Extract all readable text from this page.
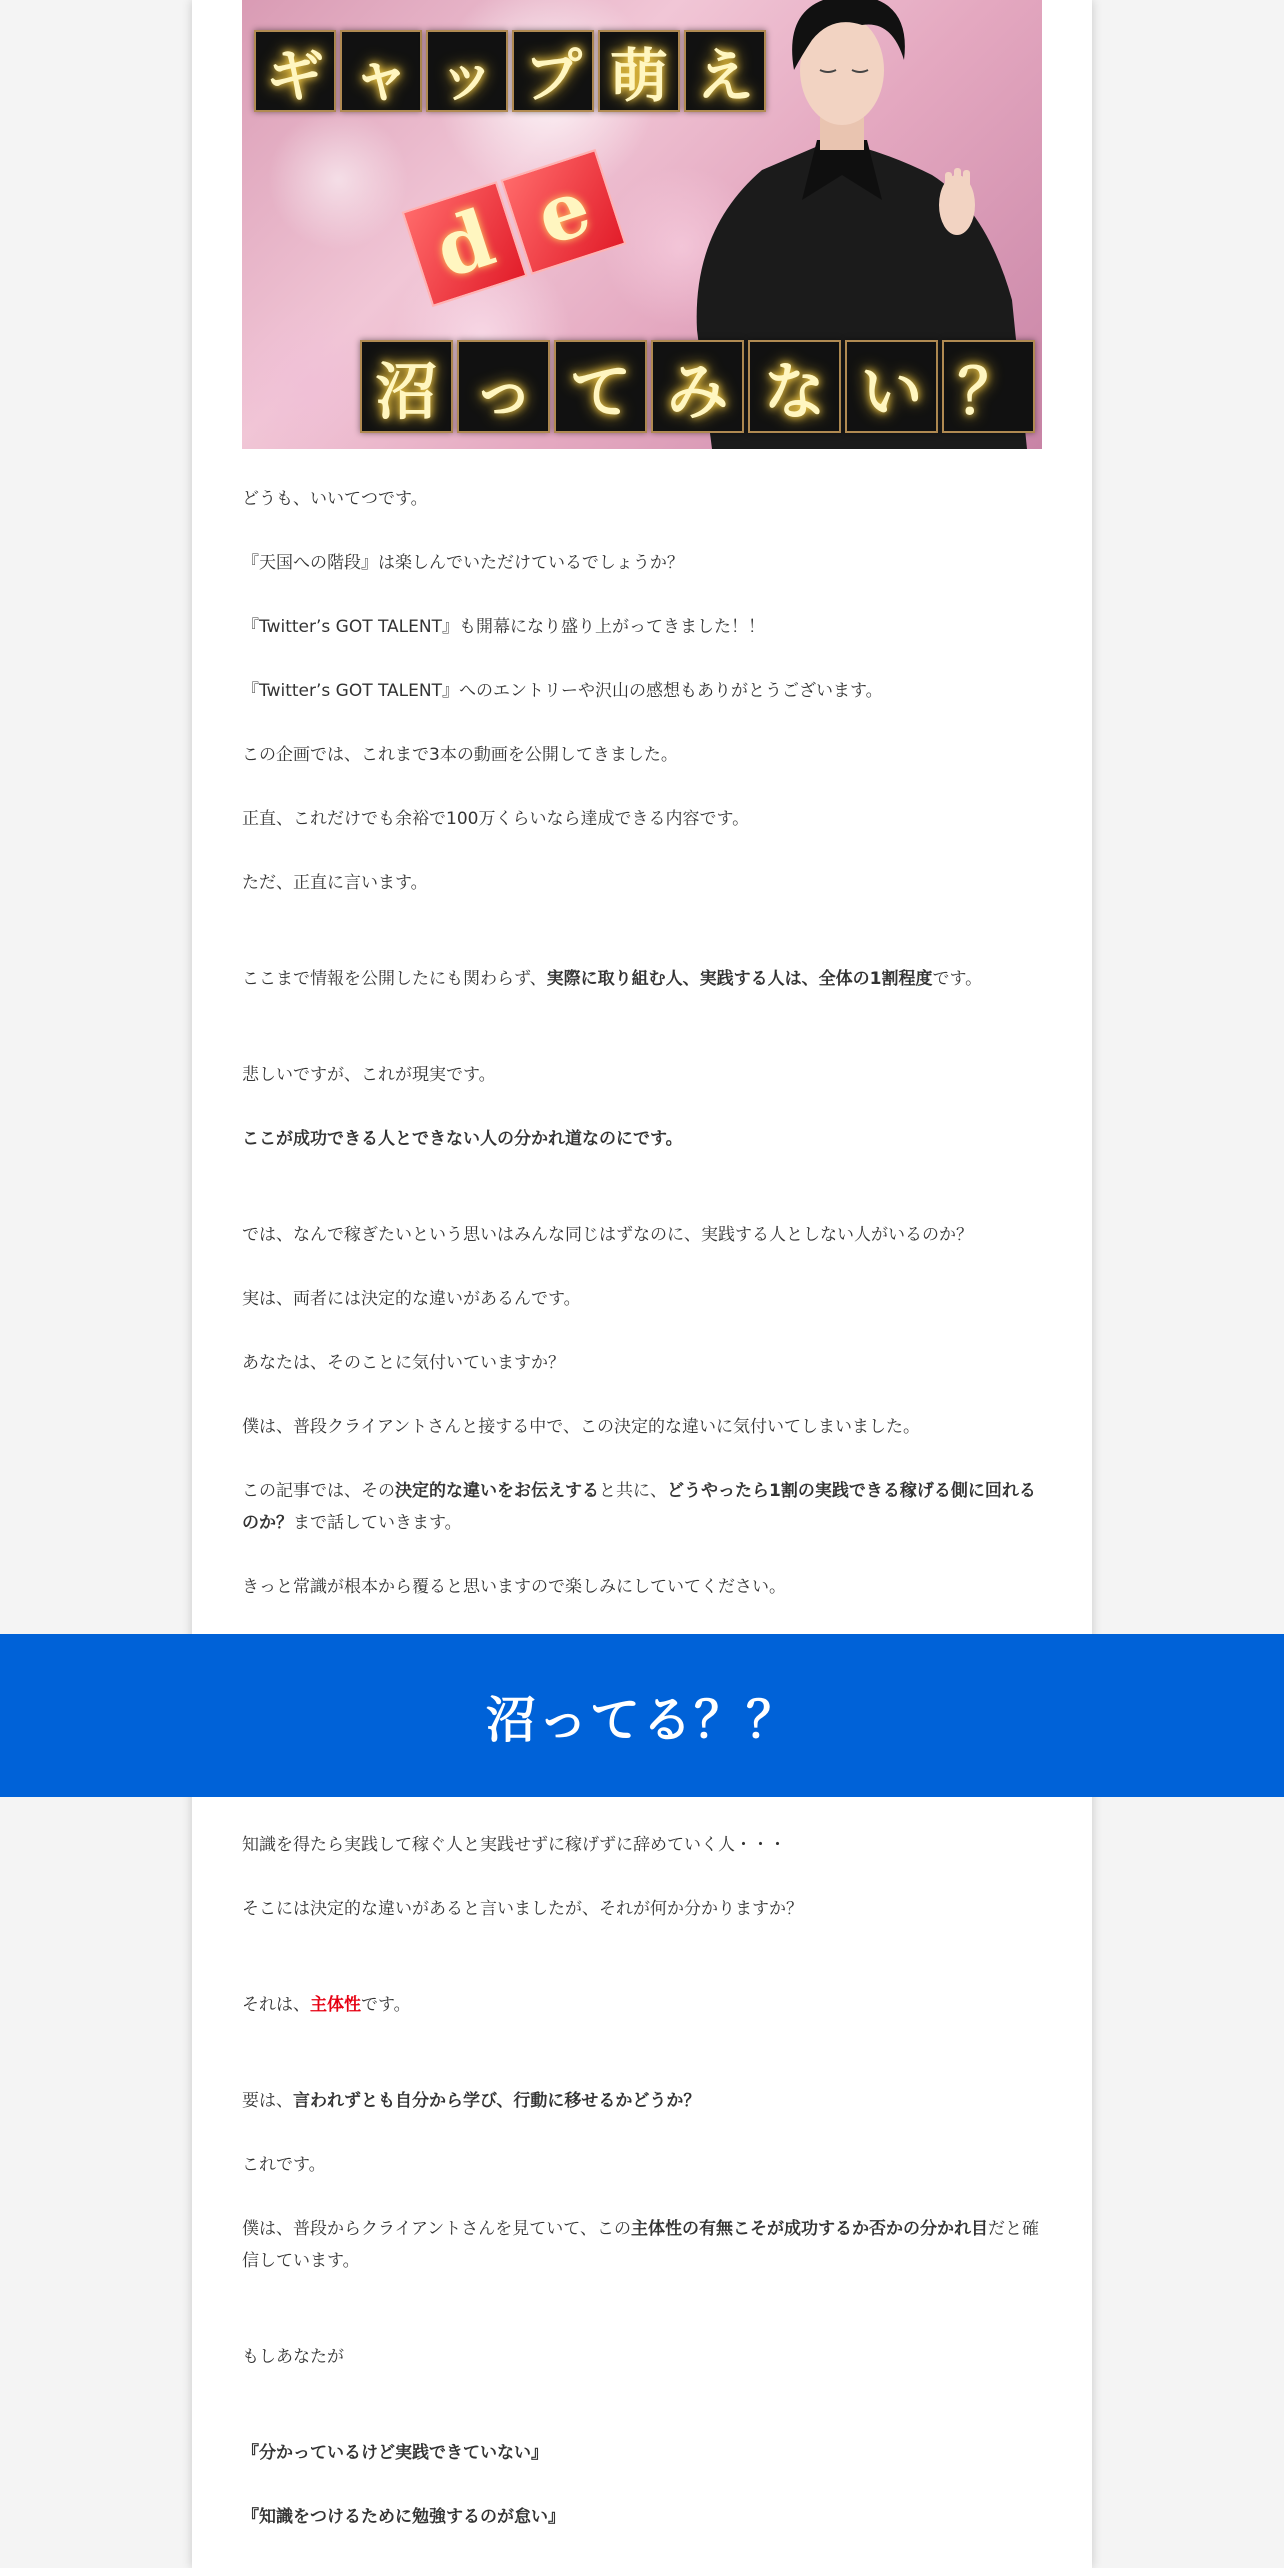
ギ ャ ッ プ 萌 え
d e
沼 っ て み な い ？

どうも、いいてつです。

『天国への階段』は楽しんでいただけているでしょうか？

『Twitter’s GOT TALENT』も開幕になり盛り上がってきました！！

『Twitter’s GOT TALENT』へのエントリーや沢山の感想もありがとうございます。

この企画では、これまで3本の動画を公開してきました。

正直、これだけでも余裕で100万くらいなら達成できる内容です。

ただ、正直に言います。

ここまで情報を公開したにも関わらず、実際に取り組む人、実践する人は、全体の1割程度です。

悲しいですが、これが現実です。

ここが成功できる人とできない人の分かれ道なのにです。

では、なんで稼ぎたいという思いはみんな同じはずなのに、実践する人としない人がいるのか？

実は、両者には決定的な違いがあるんです。

あなたは、そのことに気付いていますか？

僕は、普段クライアントさんと接する中で、この決定的な違いに気付いてしまいました。

この記事では、その決定的な違いをお伝えすると共に、どうやったら1割の実践できる稼げる側に回れるのか？まで話していきます。

きっと常識が根本から覆ると思いますので楽しみにしていてください。

沼ってる？？

知識を得たら実践して稼ぐ人と実践せずに稼げずに辞めていく人・・・

そこには決定的な違いがあると言いましたが、それが何か分かりますか？

それは、主体性です。

要は、言われずとも自分から学び、行動に移せるかどうか？

これです。

僕は、普段からクライアントさんを見ていて、この主体性の有無こそが成功するか否かの分かれ目だと確信しています。

もしあなたが

『分かっているけど実践できていない』

『知識をつけるために勉強するのが怠い』
